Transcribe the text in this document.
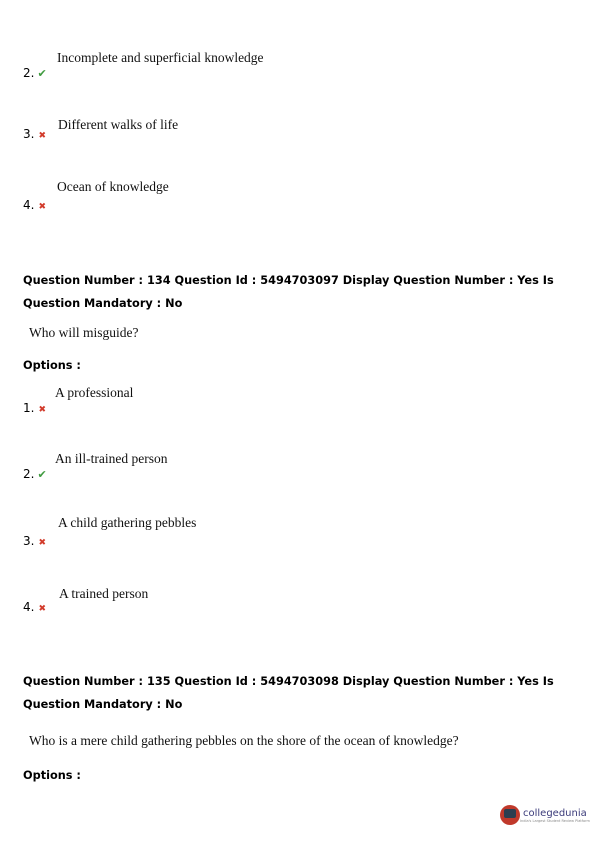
Incomplete and superficial knowledge
2. ✔
Different walks of life
3. ✖
Ocean of knowledge
4. ✖
Question Number : 134 Question Id : 5494703097 Display Question Number : Yes Is Question Mandatory : No
Who will misguide?
Options :
A professional
1. ✖
An ill-trained person
2. ✔
A child gathering pebbles
3. ✖
A trained person
4. ✖
Question Number : 135 Question Id : 5494703098 Display Question Number : Yes Is Question Mandatory : No
Who is a mere child gathering pebbles on the shore of the ocean of knowledge?
Options :
collegedunia
India's Largest Student Review Platform
